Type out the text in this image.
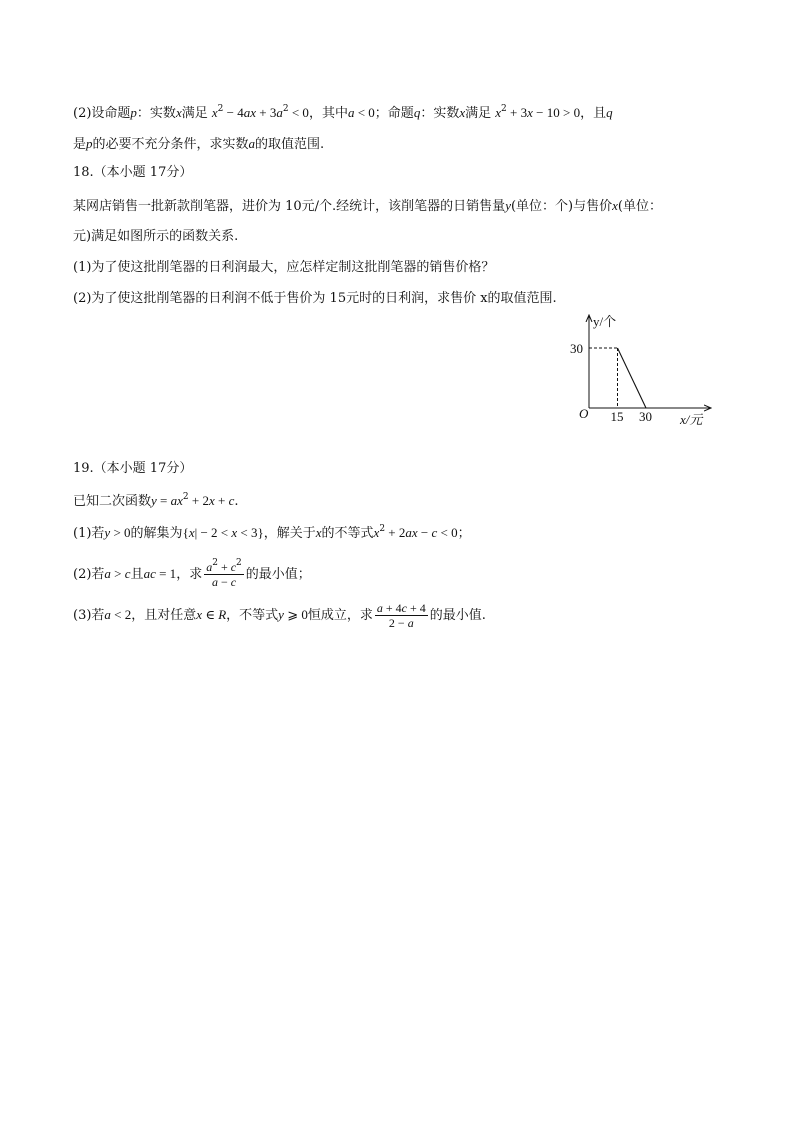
(2)设命题p：实数x满足 $x^2 - 4ax + 3a^2 < 0$，其中a < 0；命题q：实数x满足 $x^2 + 3x - 10 > 0$，且q
是p的必要不充分条件，求实数a的取值范围.
18.（本小题 17分）
某网店销售一批新款削笔器，进价为 10元/个.经统计，该削笔器的日销售量y(单位：个)与售价x(单位：
元)满足如图所示的函数关系.
(1)为了使这批削笔器的日利润最大，应怎样定制这批削笔器的销售价格？
(2)为了使这批削笔器的日利润不低于售价为 15元时的日利润，求售价 x的取值范围.
y/个
30
O 15 30 x/元
19.（本小题 17分）
已知二次函数$y = ax^2 + 2x + c$.
(1)若y > 0的解集为{x| − 2 < x < 3}，解关于x的不等式$x^2 + 2ax - c < 0$；
(2)若a > c且ac = 1，求 $\frac{a^2 + c^2}{a - c}$ 的最小值；
(3)若a < 2，且对任意x ∈ R，不等式y ⩾ 0恒成立，求 $\frac{a + 4c + 4}{2 - a}$ 的最小值.
